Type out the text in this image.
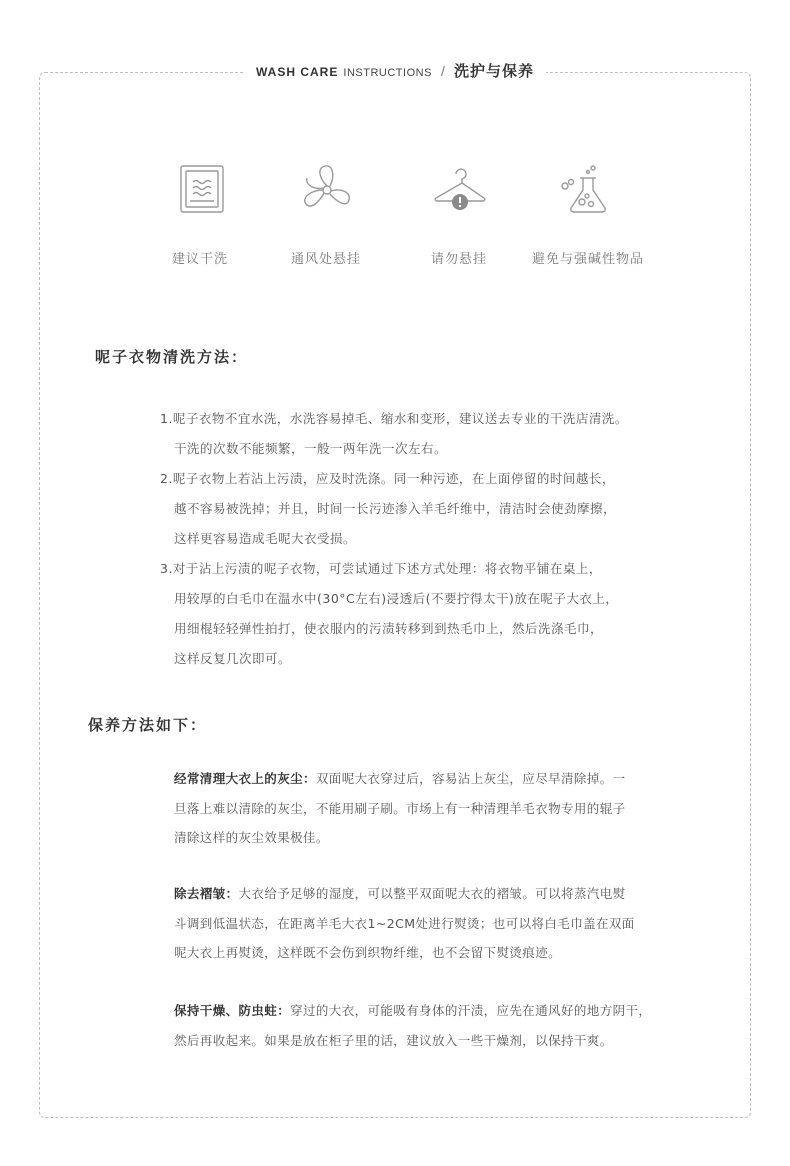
WASH CARE INSTRUCTIONS / 洗护与保养
建议干洗	通风处悬挂	请勿悬挂	避免与强碱性物品
呢子衣物清洗方法：
1.呢子衣物不宜水洗，水洗容易掉毛、缩水和变形，建议送去专业的干洗店清洗。
干洗的次数不能频繁，一般一两年洗一次左右。
2.呢子衣物上若沾上污渍，应及时洗涤。同一种污迹，在上面停留的时间越长，
越不容易被洗掉；并且，时间一长污迹渗入羊毛纤维中，清洁时会使劲摩擦，
这样更容易造成毛呢大衣受损。
3.对于沾上污渍的呢子衣物，可尝试通过下述方式处理：将衣物平铺在桌上，
用较厚的白毛巾在温水中(30°C左右)浸透后(不要拧得太干)放在呢子大衣上，
用细棍轻轻弹性拍打，使衣服内的污渍转移到到热毛巾上，然后洗涤毛巾，
这样反复几次即可。
保养方法如下：
经常清理大衣上的灰尘：双面呢大衣穿过后，容易沾上灰尘，应尽早清除掉。一
旦落上难以清除的灰尘，不能用刷子刷。市场上有一种清理羊毛衣物专用的辊子
清除这样的灰尘效果极佳。
除去褶皱：大衣给予足够的湿度，可以整平双面呢大衣的褶皱。可以将蒸汽电熨
斗调到低温状态，在距离羊毛大衣1~2CM处进行熨烫；也可以将白毛巾盖在双面
呢大衣上再熨烫，这样既不会伤到织物纤维，也不会留下熨烫痕迹。
保持干燥、防虫蛀：穿过的大衣，可能吸有身体的汗渍，应先在通风好的地方阴干，
然后再收起来。如果是放在柜子里的话，建议放入一些干燥剂，以保持干爽。
